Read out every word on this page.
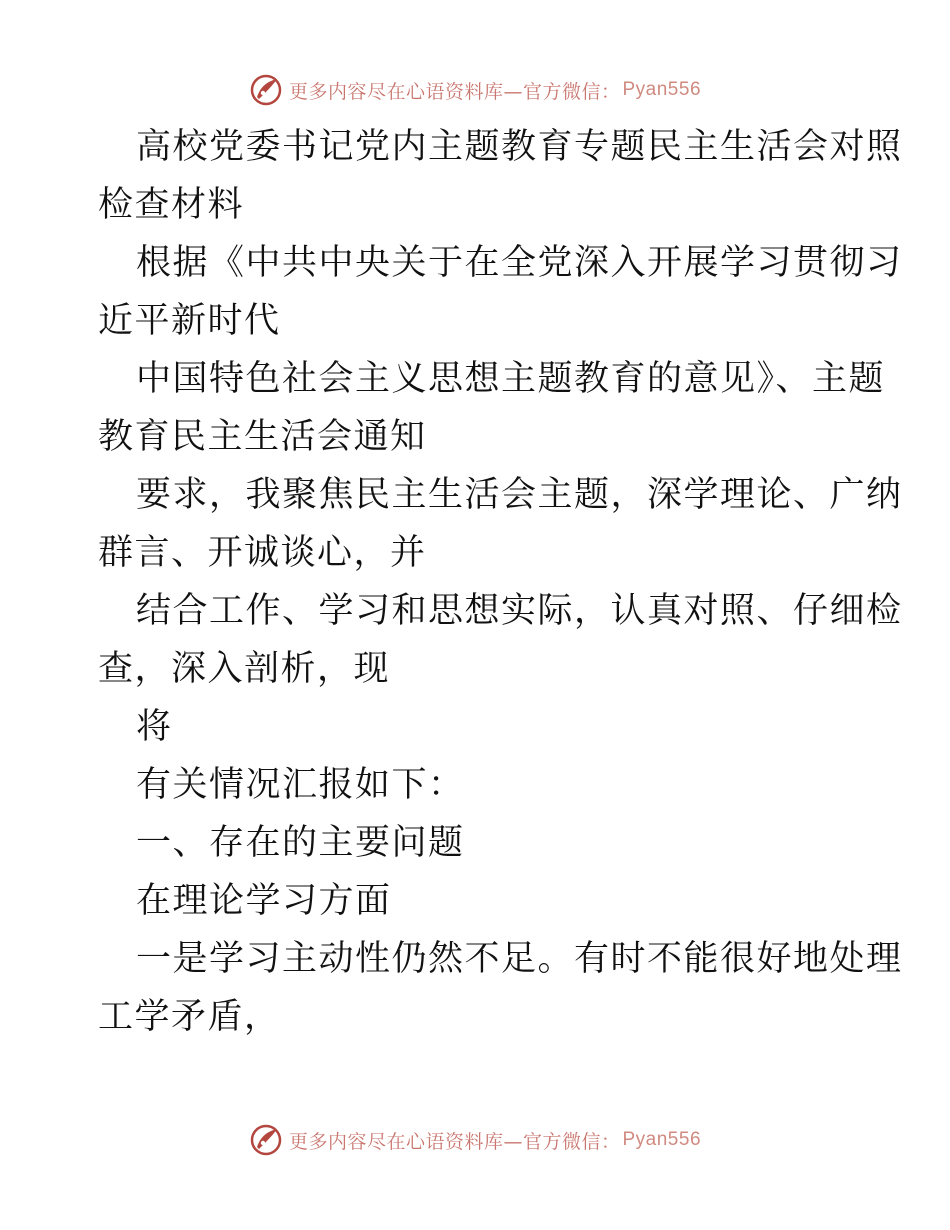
更多内容尽在心语资料库—官方微信： Pyan556
高校党委书记党内主题教育专题民主生活会对照
检查材料
根据《中共中央关于在全党深入开展学习贯彻习
近平新时代
中国特色社会主义思想主题教育的意见》、主题
教育民主生活会通知
要求，我聚焦民主生活会主题，深学理论、广纳
群言、开诚谈心，并
结合工作、学习和思想实际，认真对照、仔细检
查，深入剖析，现
将
有关情况汇报如下：
一、存在的主要问题
在理论学习方面
一是学习主动性仍然不足。有时不能很好地处理
工学矛盾，
更多内容尽在心语资料库—官方微信： Pyan556
